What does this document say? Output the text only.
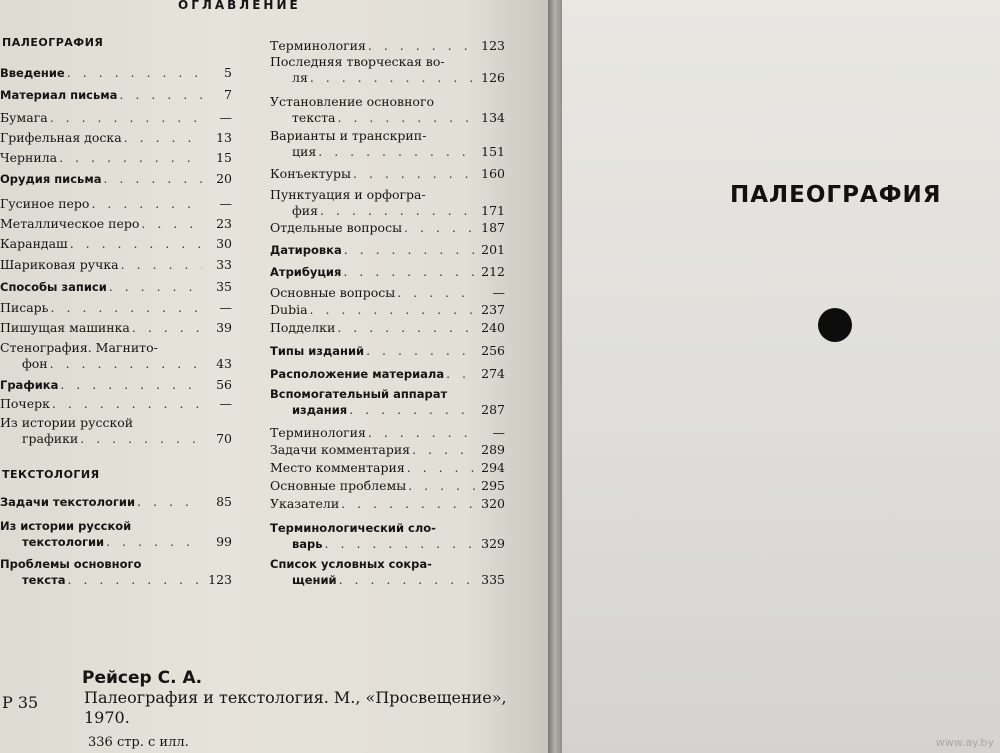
ОГЛАВЛЕНИЕ
ПАЛЕОГРАФИЯ
ТЕКСТОЛОГИЯ
Введение . . .	5
Материал письма . . .	7
Бумага . . .	—
Грифельная доска . . .	13
Чернила . . .	15
Орудия письма . . .	20
Гусиное перо . . .	—
Металлическое перо . . .	23
Карандаш . . .	30
Шариковая ручка . . .	33
Способы записи . . .	35
Писарь . . .	—
Пишущая машинка . . .	39
Стенография. Магнито-
фон . . .	43
Графика . . .	56
Почерк . . .	—
Из истории русской
графики . . .	70
Задачи текстологии . . .	85
Из истории русской
текстологии . . .	99
Проблемы основного
текста . . .	123
Терминология . . .	123
Последняя творческая во-
ля . . .	126
Установление основного
текста . . .	134
Варианты и транскрип-
ция . . .	151
Конъектуры . . .	160
Пунктуация и орфогра-
фия . . .	171
Отдельные вопросы . . .	187
Датировка . . .	201
Атрибуция . . .	212
Основные вопросы . . .	—
Dubia . . .	237
Подделки . . .	240
Типы изданий . . .	256
Расположение материала . . .	274
Вспомогательный аппарат
издания . . .	287
Терминология . . .	—
Задачи комментария . . .	289
Место комментария . . .	294
Основные проблемы . . .	295
Указатели . . .	320
Терминологический сло-
варь . . .	329
Список условных сокра-
щений . . .	335
Рейсер С. А.
Р 35	Палеография и текстология. М., «Просвещение», 1970.
336 стр. с илл.
ПАЛЕОГРАФИЯ
www.ay.by
